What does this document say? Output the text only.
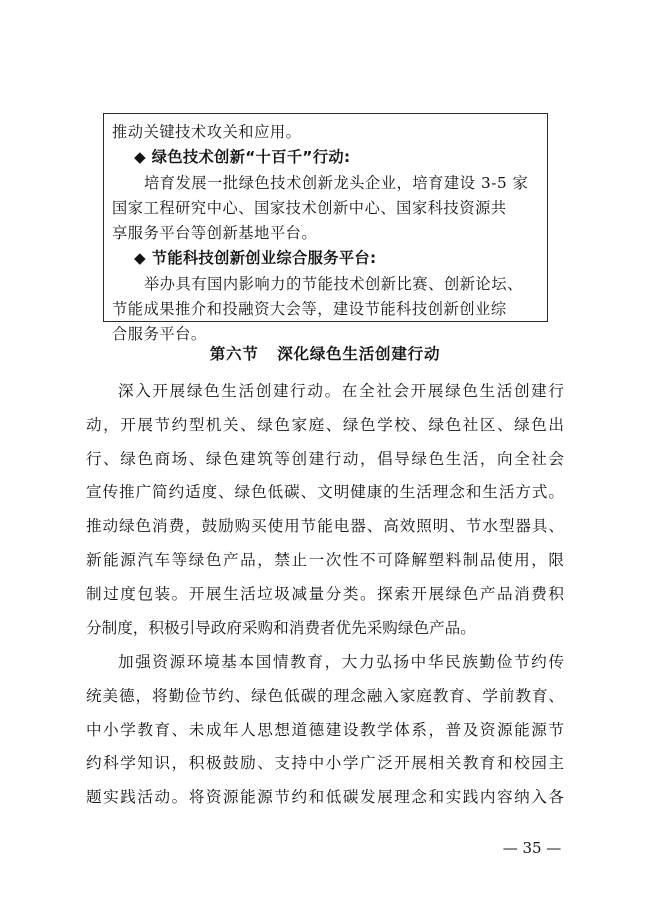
推动关键技术攻关和应用。

◆ 绿色技术创新“十百千”行动:

培育发展一批绿色技术创新龙头企业，培育建设 3-5 家

国家工程研究中心、国家技术创新中心、国家科技资源共

享服务平台等创新基地平台。

◆ 节能科技创新创业综合服务平台:

举办具有国内影响力的节能技术创新比赛、创新论坛、

节能成果推介和投融资大会等，建设节能科技创新创业综

合服务平台。

第六节   深化绿色生活创建行动
深入开展绿色生活创建行动。在全社会开展绿色生活创建行
动，开展节约型机关、绿色家庭、绿色学校、绿色社区、绿色出
行、绿色商场、绿色建筑等创建行动，倡导绿色生活，向全社会
宣传推广简约适度、绿色低碳、文明健康的生活理念和生活方式。
推动绿色消费，鼓励购买使用节能电器、高效照明、节水型器具、
新能源汽车等绿色产品，禁止一次性不可降解塑料制品使用，限
制过度包装。开展生活垃圾减量分类。探索开展绿色产品消费积
分制度，积极引导政府采购和消费者优先采购绿色产品。
加强资源环境基本国情教育，大力弘扬中华民族勤俭节约传
统美德，将勤俭节约、绿色低碳的理念融入家庭教育、学前教育、
中小学教育、未成年人思想道德建设教学体系，普及资源能源节
约科学知识，积极鼓励、支持中小学广泛开展相关教育和校园主
题实践活动。将资源能源节约和低碳发展理念和实践内容纳入各
— 35 —
